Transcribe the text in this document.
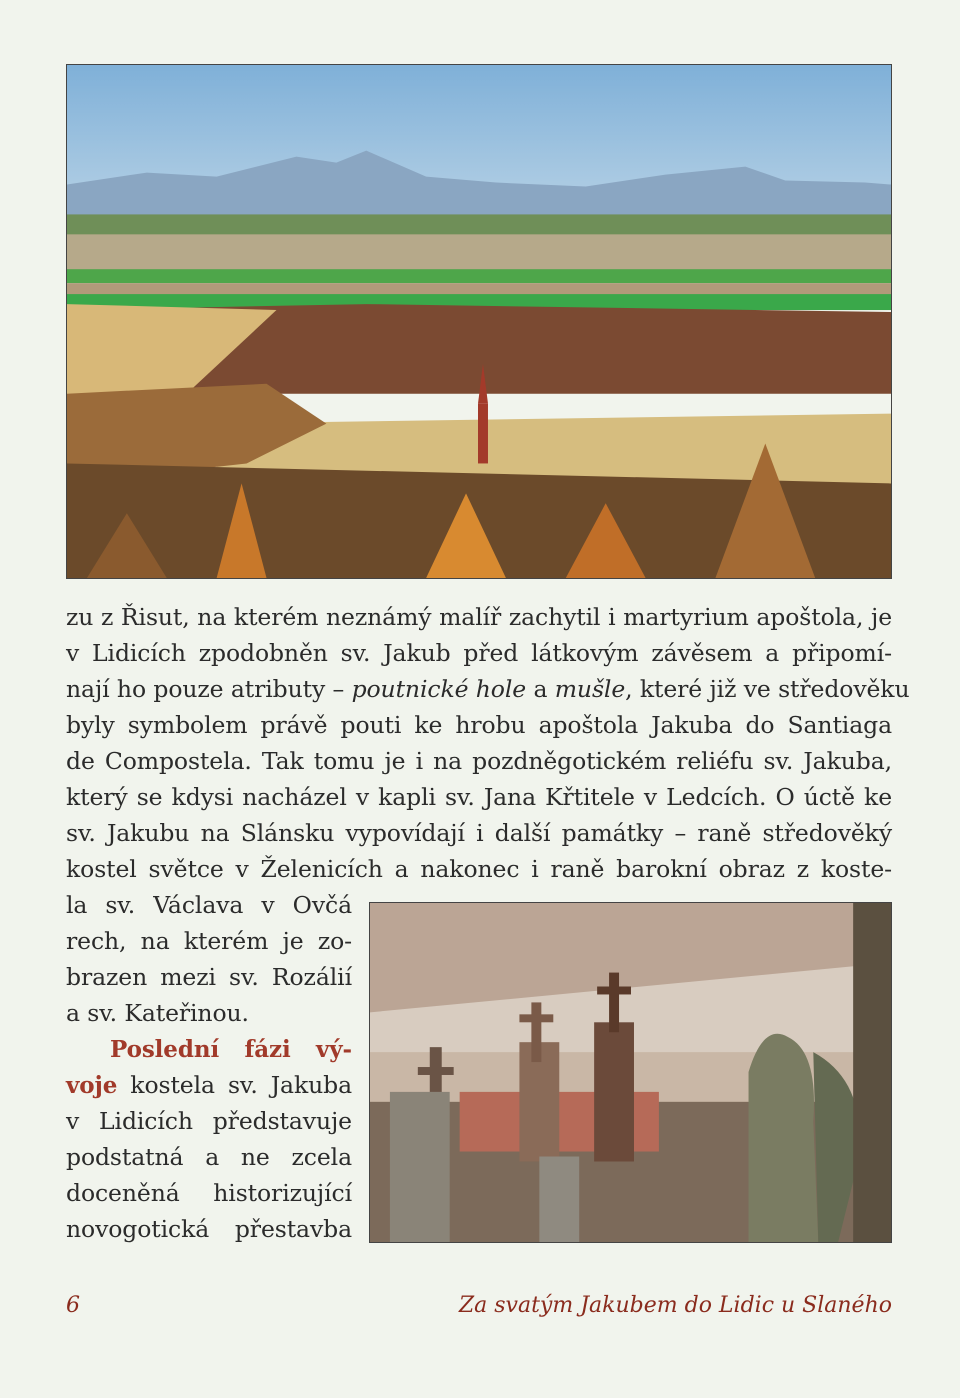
zu z Řisut, na kterém neznámý malíř zachytil i martyrium apoštola, je
v Lidicích zpodobněn sv. Jakub před látkovým závěsem a připomí-
nají ho pouze atributy – poutnické hole a mušle, které již ve středověku
byly symbolem právě pouti ke hrobu apoštola Jakuba do Santiaga
de Compostela. Tak tomu je i na pozdněgotickém reliéfu sv. Jakuba,
který se kdysi nacházel v kapli sv. Jana Křtitele v Ledcích. O úctě ke
sv. Jakubu na Slánsku vypovídají i další památky – raně středověký
kostel světce v Želenicích a nakonec i raně barokní obraz z koste-
la sv. Václava v Ovčá
rech, na kterém je zo-
brazen mezi sv. Rozálií
a sv. Kateřinou.
Poslední fázi vý-
voje kostela sv. Jakuba
v Lidicích představuje
podstatná a ne zcela
doceněná historizující
novogotická přestavba
6	Za svatým Jakubem do Lidic u Slaného
